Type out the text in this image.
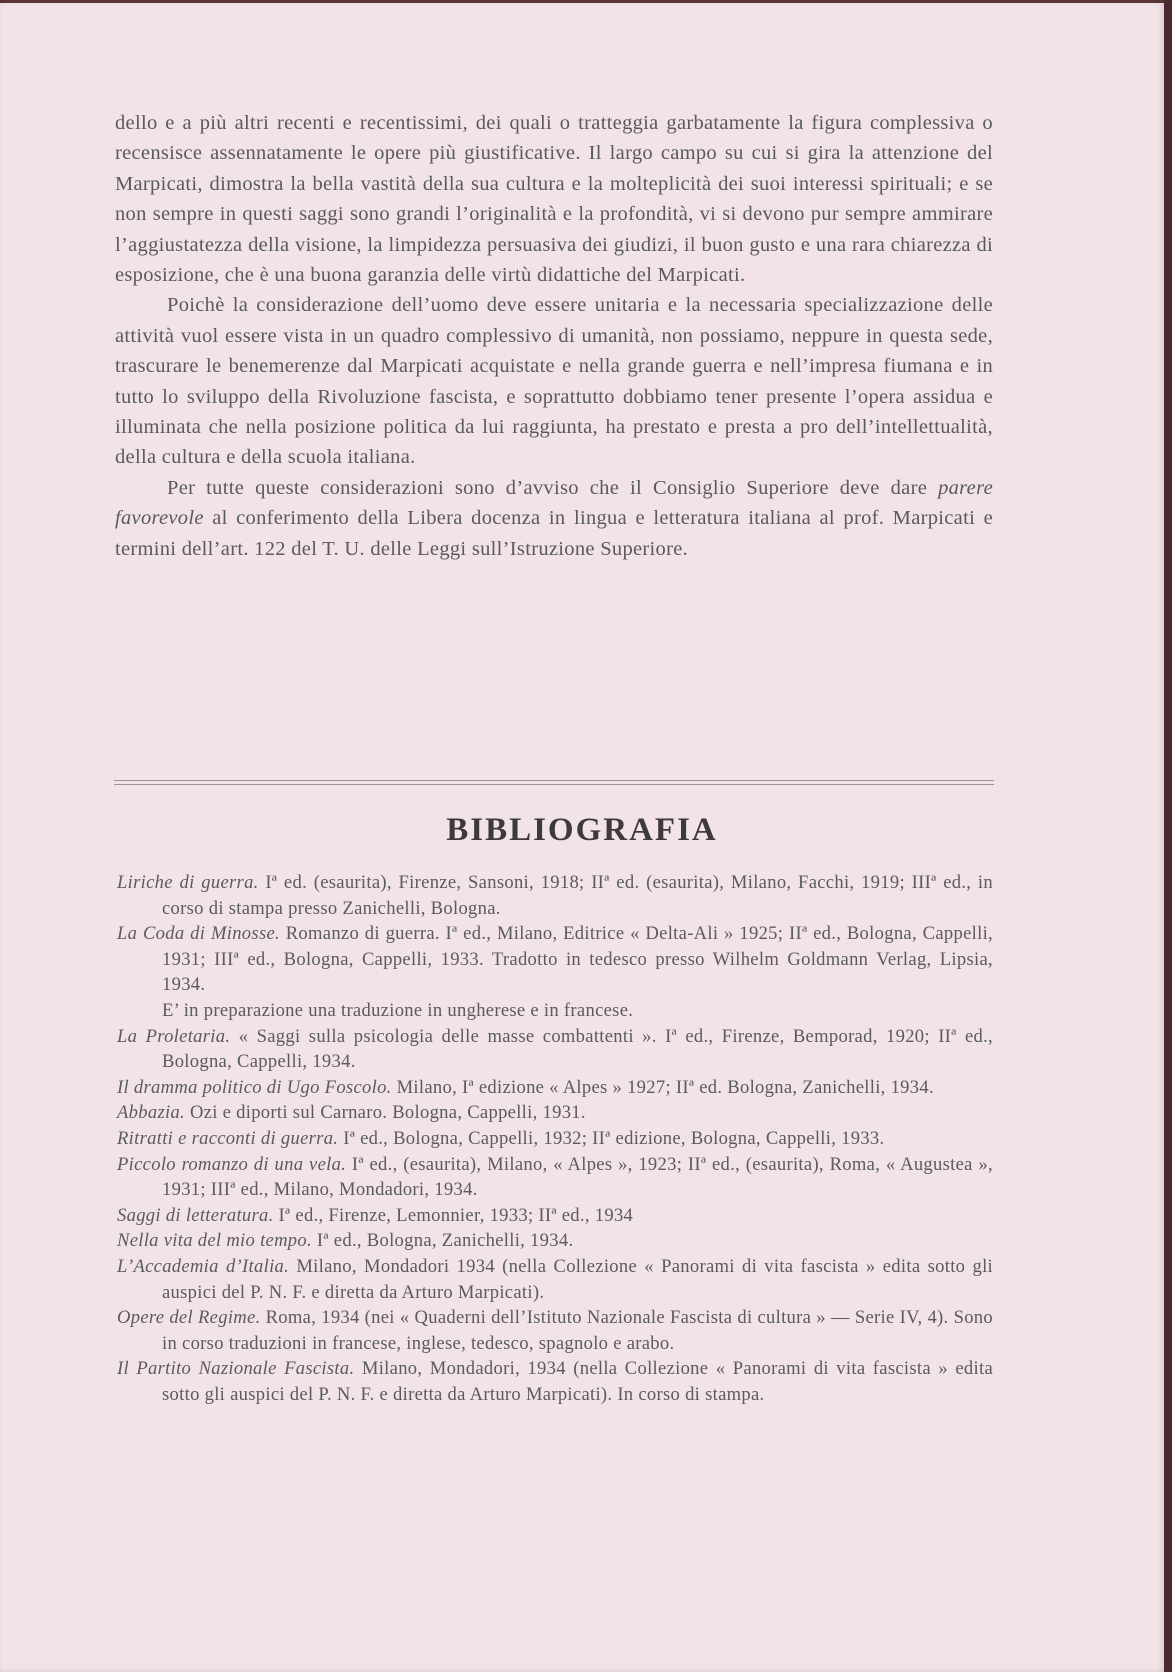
dello e a più altri recenti e recentissimi, dei quali o tratteggia garbatamente la figura complessiva o recensisce assennatamente le opere più giustificative. Il largo campo su cui si gira la attenzione del Marpicati, dimostra la bella vastità della sua cultura e la molteplicità dei suoi interessi spirituali; e se non sempre in questi saggi sono grandi l’originalità e la profondità, vi si devono pur sempre ammirare l’aggiustatezza della visione, la limpidezza persuasiva dei giudizi, il buon gusto e una rara chiarezza di esposizione, che è una buona garanzia delle virtù didattiche del Marpicati.

Poichè la considerazione dell’uomo deve essere unitaria e la necessaria specializzazione delle attività vuol essere vista in un quadro complessivo di umanità, non possiamo, neppure in questa sede, trascurare le benemerenze dal Marpicati acquistate e nella grande guerra e nell’impresa fiumana e in tutto lo sviluppo della Rivoluzione fascista, e soprattutto dobbiamo tener presente l’opera assidua e illuminata che nella posizione politica da lui raggiunta, ha prestato e presta a pro dell’intellettualità, della cultura e della scuola italiana.

Per tutte queste considerazioni sono d’avviso che il Consiglio Superiore deve dare parere favorevole al conferimento della Libera docenza in lingua e letteratura italiana al prof. Marpicati e termini dell’art. 122 del T. U. delle Leggi sull’Istruzione Superiore.

BIBLIOGRAFIA

Liriche di guerra. Iª ed. (esaurita), Firenze, Sansoni, 1918; IIª ed. (esaurita), Milano, Facchi, 1919; IIIª ed., in corso di stampa presso Zanichelli, Bologna.

La Coda di Minosse. Romanzo di guerra. Iª ed., Milano, Editrice « Delta-Ali » 1925; IIª ed., Bologna, Cappelli, 1931; IIIª ed., Bologna, Cappelli, 1933. Tradotto in tedesco presso Wilhelm Goldmann Verlag, Lipsia, 1934.
E’ in preparazione una traduzione in ungherese e in francese.

La Proletaria. « Saggi sulla psicologia delle masse combattenti ». Iª ed., Firenze, Bemporad, 1920; IIª ed., Bologna, Cappelli, 1934.

Il dramma politico di Ugo Foscolo. Milano, Iª edizione « Alpes » 1927; IIª ed. Bologna, Zanichelli, 1934.

Abbazia. Ozi e diporti sul Carnaro. Bologna, Cappelli, 1931.

Ritratti e racconti di guerra. Iª ed., Bologna, Cappelli, 1932; IIª edizione, Bologna, Cappelli, 1933.

Piccolo romanzo di una vela. Iª ed., (esaurita), Milano, « Alpes », 1923; IIª ed., (esaurita), Roma, « Augustea », 1931; IIIª ed., Milano, Mondadori, 1934.

Saggi di letteratura. Iª ed., Firenze, Lemonnier, 1933; IIª ed., 1934

Nella vita del mio tempo. Iª ed., Bologna, Zanichelli, 1934.

L’Accademia d’Italia. Milano, Mondadori 1934 (nella Collezione « Panorami di vita fascista » edita sotto gli auspici del P. N. F. e diretta da Arturo Marpicati).

Opere del Regime. Roma, 1934 (nei « Quaderni dell’Istituto Nazionale Fascista di cultura » — Serie IV, 4). Sono in corso traduzioni in francese, inglese, tedesco, spagnolo e arabo.

Il Partito Nazionale Fascista. Milano, Mondadori, 1934 (nella Collezione « Panorami di vita fascista » edita sotto gli auspici del P. N. F. e diretta da Arturo Marpicati). In corso di stampa.
